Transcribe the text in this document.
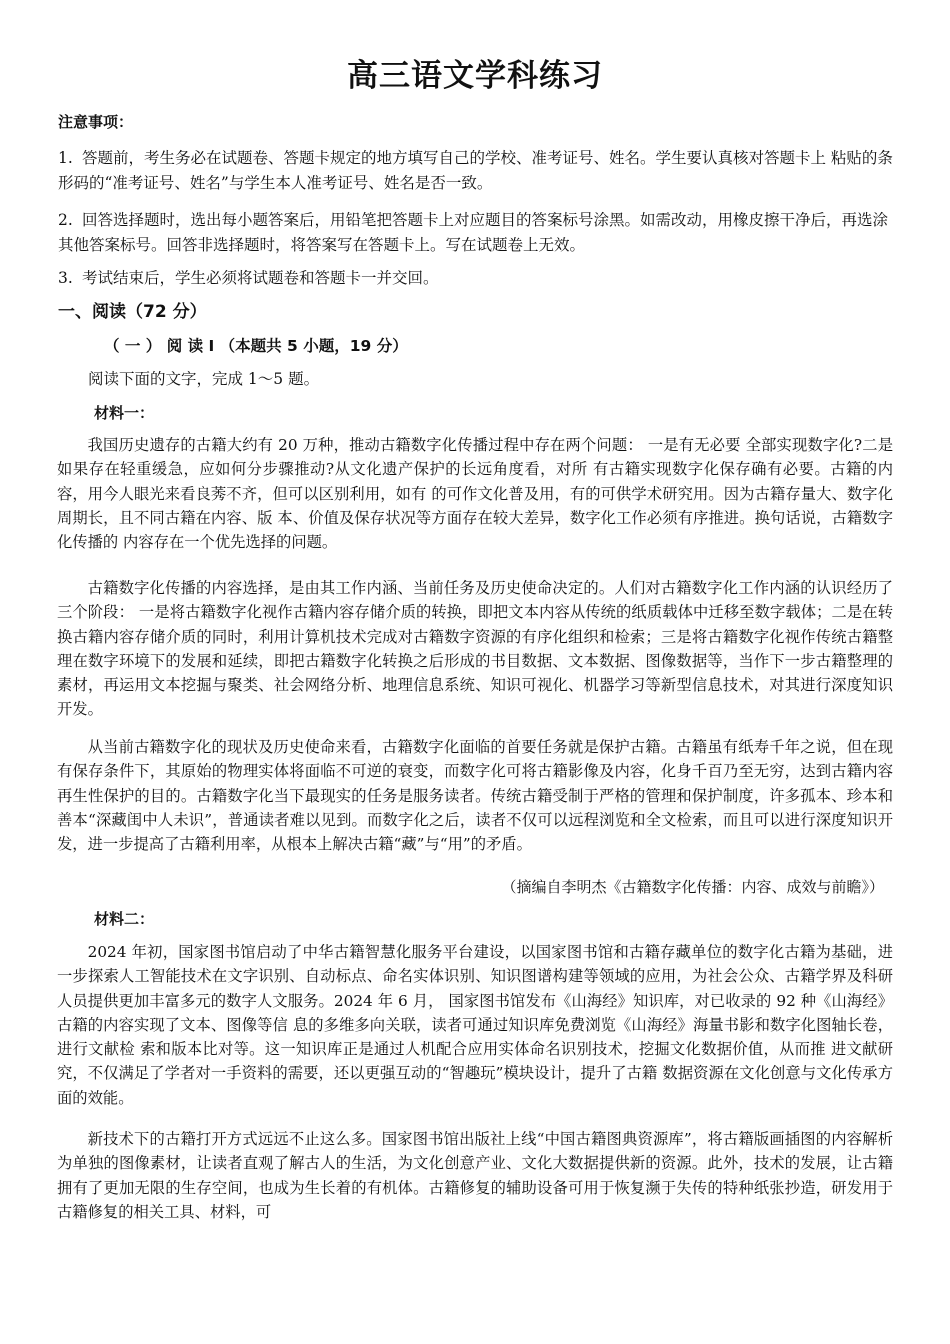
高三语文学科练习
注意事项：

1. 答题前，考生务必在试题卷、答题卡规定的地方填写自己的学校、准考证号、姓名。学生要认真核对答题卡上 粘贴的条形码的“准考证号、姓名”与学生本人准考证号、姓名是否一致。

2. 回答选择题时，选出每小题答案后，用铅笔把答题卡上对应题目的答案标号涂黑。如需改动，用橡皮擦干净后，再选涂其他答案标号。回答非选择题时，将答案写在答题卡上。写在试题卷上无效。

3. 考试结束后，学生必须将试题卷和答题卡一并交回。

一、阅读（72 分）
（ 一 ） 阅 读 I （本题共 5 小题，19 分）
阅读下面的文字，完成 1～5 题。
材料一：

我国历史遗存的古籍大约有 20 万种，推动古籍数字化传播过程中存在两个问题： 一是有无必要 全部实现数字化?二是如果存在轻重缓急，应如何分步骤推动?从文化遗产保护的长远角度看，对所 有古籍实现数字化保存确有必要。古籍的内容，用今人眼光来看良莠不齐，但可以区别利用，如有 的可作文化普及用，有的可供学术研究用。因为古籍存量大、数字化周期长，且不同古籍在内容、版 本、价值及保存状况等方面存在较大差异，数字化工作必须有序推进。换句话说，古籍数字化传播的 内容存在一个优先选择的问题。

古籍数字化传播的内容选择，是由其工作内涵、当前任务及历史使命决定的。人们对古籍数字化工作内涵的认识经历了三个阶段： 一是将古籍数字化视作古籍内容存储介质的转换，即把文本内容从传统的纸质载体中迁移至数字载体；二是在转换古籍内容存储介质的同时，利用计算机技术完成对古籍数字资源的有序化组织和检索；三是将古籍数字化视作传统古籍整理在数字环境下的发展和延续，即把古籍数字化转换之后形成的书目数据、文本数据、图像数据等，当作下一步古籍整理的素材，再运用文本挖掘与聚类、社会网络分析、地理信息系统、知识可视化、机器学习等新型信息技术，对其进行深度知识开发。

从当前古籍数字化的现状及历史使命来看，古籍数字化面临的首要任务就是保护古籍。古籍虽有纸寿千年之说，但在现有保存条件下，其原始的物理实体将面临不可逆的衰变，而数字化可将古籍影像及内容，化身千百乃至无穷，达到古籍内容再生性保护的目的。古籍数字化当下最现实的任务是服务读者。传统古籍受制于严格的管理和保护制度，许多孤本、珍本和善本“深藏闺中人未识”，普通读者难以见到。而数字化之后，读者不仅可以远程浏览和全文检索，而且可以进行深度知识开发，进一步提高了古籍利用率，从根本上解决古籍“藏”与“用”的矛盾。

（摘编自李明杰《古籍数字化传播：内容、成效与前瞻》）
材料二：

2024 年初，国家图书馆启动了中华古籍智慧化服务平台建设，以国家图书馆和古籍存藏单位的数字化古籍为基础，进一步探索人工智能技术在文字识别、自动标点、命名实体识别、知识图谱构建等领域的应用，为社会公众、古籍学界及科研人员提供更加丰富多元的数字人文服务。2024 年 6 月， 国家图书馆发布《山海经》知识库，对已收录的 92 种《山海经》古籍的内容实现了文本、图像等信 息的多维多向关联，读者可通过知识库免费浏览《山海经》海量书影和数字化图轴长卷，进行文献检 索和版本比对等。这一知识库正是通过人机配合应用实体命名识别技术，挖掘文化数据价值，从而推 进文献研究，不仅满足了学者对一手资料的需要，还以更强互动的“智趣玩”模块设计，提升了古籍 数据资源在文化创意与文化传承方面的效能。

新技术下的古籍打开方式远远不止这么多。国家图书馆出版社上线“中国古籍图典资源库”，将古籍版画插图的内容解析为单独的图像素材，让读者直观了解古人的生活，为文化创意产业、文化大数据提供新的资源。此外，技术的发展，让古籍拥有了更加无限的生存空间，也成为生长着的有机体。古籍修复的辅助设备可用于恢复濒于失传的特种纸张抄造，研发用于古籍修复的相关工具、材料，可
